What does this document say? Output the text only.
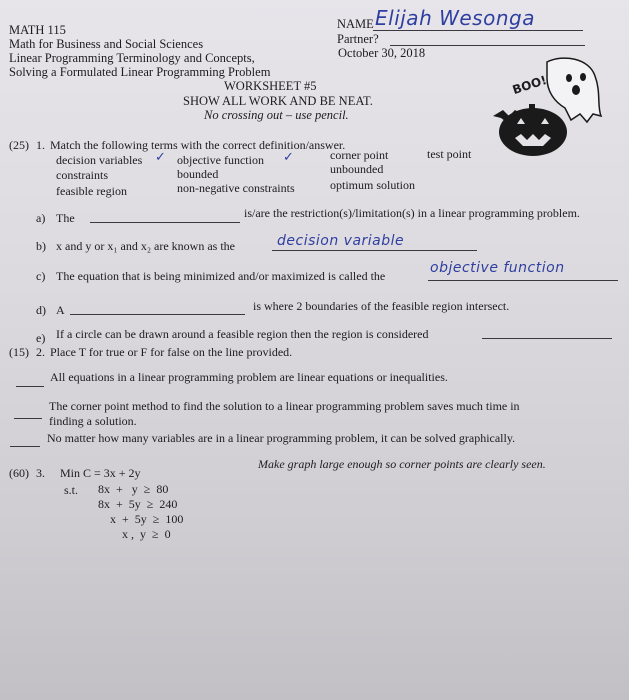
MATH 115
Math for Business and Social Sciences
Linear Programming Terminology and Concepts,
Solving a Formulated Linear Programming Problem
NAME Elijah Wesonga
Partner?
October 30, 2018
WORKSHEET #5
SHOW ALL WORK AND BE NEAT.
No crossing out – use pencil.
BOO!
(25) 1. Match the following terms with the correct definition/answer.
decision variables ✓ objective function ✓	corner point	test point
constraints	bounded	unbounded
feasible region	non-negative constraints	optimum solution
a) The	is/are the restriction(s)/limitation(s) in a linear programming problem.
b) x and y or x₁ and x₂ are known as the	decision variable
c) The equation that is being minimized and/or maximized is called the	objective function
d) A	is where 2 boundaries of the feasible region intersect.
e) If a circle can be drawn around a feasible region then the region is considered
(15) 2. Place T for true or F for false on the line provided.
All equations in a linear programming problem are linear equations or inequalities.
The corner point method to find the solution to a linear programming problem saves much time in
finding a solution.
No matter how many variables are in a linear programming problem, it can be solved graphically.
(60) 3. Min C = 3x + 2y
Make graph large enough so corner points are clearly seen.
s.t. 8x  +   y  ≥  80
8x  +  5y  ≥  240
x  +  5y  ≥  100
x ,  y  ≥  0
